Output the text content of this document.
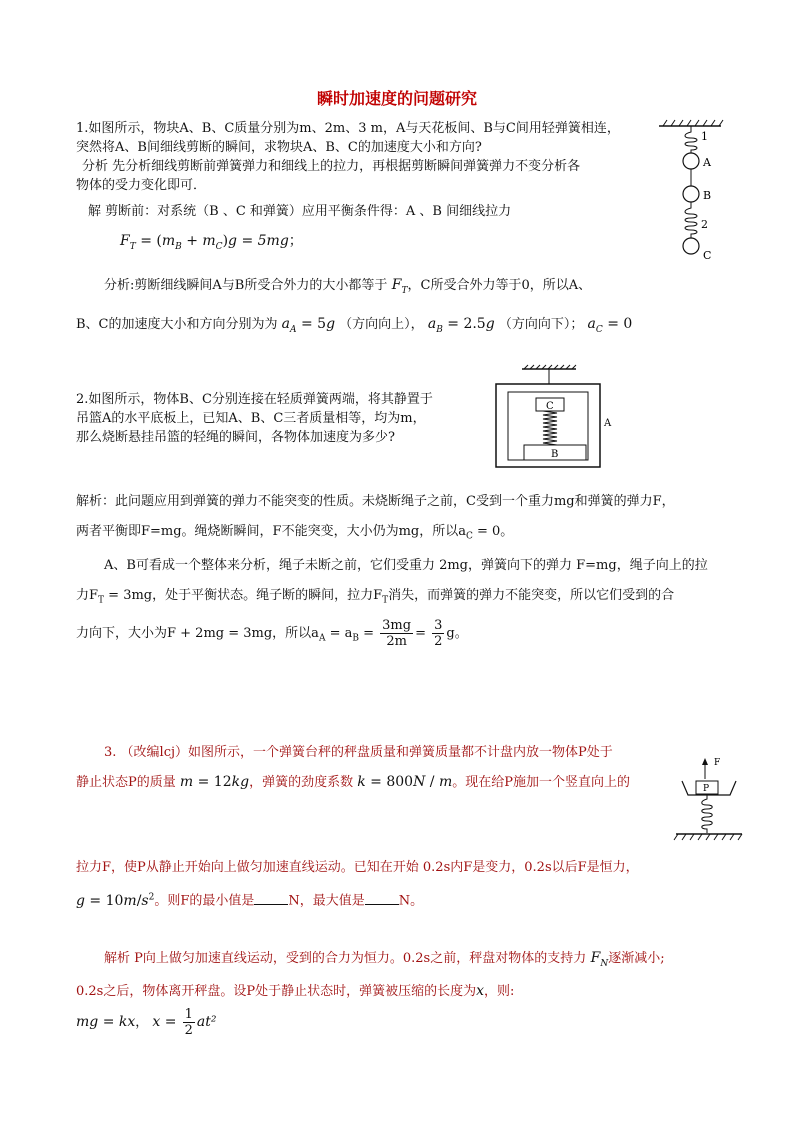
瞬时加速度的问题研究
1.如图所示，物块A、B、C质量分别为m、2m、3 m，A与天花板间、B与C间用轻弹簧相连，
突然将A、B间细线剪断的瞬间，求物块A、B、C的加速度大小和方向?
分析 先分析细线剪断前弹簧弹力和细线上的拉力，再根据剪断瞬间弹簧弹力不变分析各
物体的受力变化即可．
解 剪断前：对系统（B 、C 和弹簧）应用平衡条件得：A 、B 间细线拉力
$F_T = (m_B + m_C)g = 5mg$；
分析:剪断细线瞬间A与B所受合外力的大小都等于 $F_T$，C所受合外力等于0，所以A、
B、C的加速度大小和方向分别为为 $a_A = 5g$ （方向向上）， $a_B = 2.5g$ （方向向下）； $a_C = 0$
1
A
B
2
C
2.如图所示，物体B、C分别连接在轻质弹簧两端，将其静置于
吊篮A的水平底板上，已知A、B、C三者质量相等，均为m，
那么烧断悬挂吊篮的轻绳的瞬间，各物体加速度为多少?
C
B
A
解析：此问题应用到弹簧的弹力不能突变的性质。未烧断绳子之前，C受到一个重力mg和弹簧的弹力F，
两者平衡即F=mg。绳烧断瞬间，F不能突变，大小仍为mg，所以$a_C = 0$。
A、B可看成一个整体来分析，绳子未断之前，它们受重力 2mg，弹簧向下的弹力 F=mg，绳子向上的拉
力$F_T = 3mg$，处于平衡状态。绳子断的瞬间，拉力$F_T$消失，而弹簧的弹力不能突变，所以它们受到的合
力向下，大小为F + 2mg = 3mg，所以$a_A = a_B = \frac{3mg}{2m} = \frac{3}{2}$ g。
3. （改编lcj）如图所示，一个弹簧台秤的秤盘质量和弹簧质量都不计盘内放一物体P处于
静止状态P的质量 m = 12kg，弹簧的劲度系数 k = 800N / m。现在给P施加一个竖直向上的
F
P
拉力F，使P从静止开始向上做匀加速直线运动。已知在开始 0.2s内F是变力，0.2s以后F是恒力，
$g = 10m/s^2$。则F的最小值是	N，最大值是	N。
解析 P向上做匀加速直线运动，受到的合力为恒力。0.2s之前，秤盘对物体的支持力 $F_N$逐渐减小;
0.2s之后，物体离开秤盘。设P处于静止状态时，弹簧被压缩的长度为x，则:
mg = kx， $x = \frac{1}{2} at^2$
